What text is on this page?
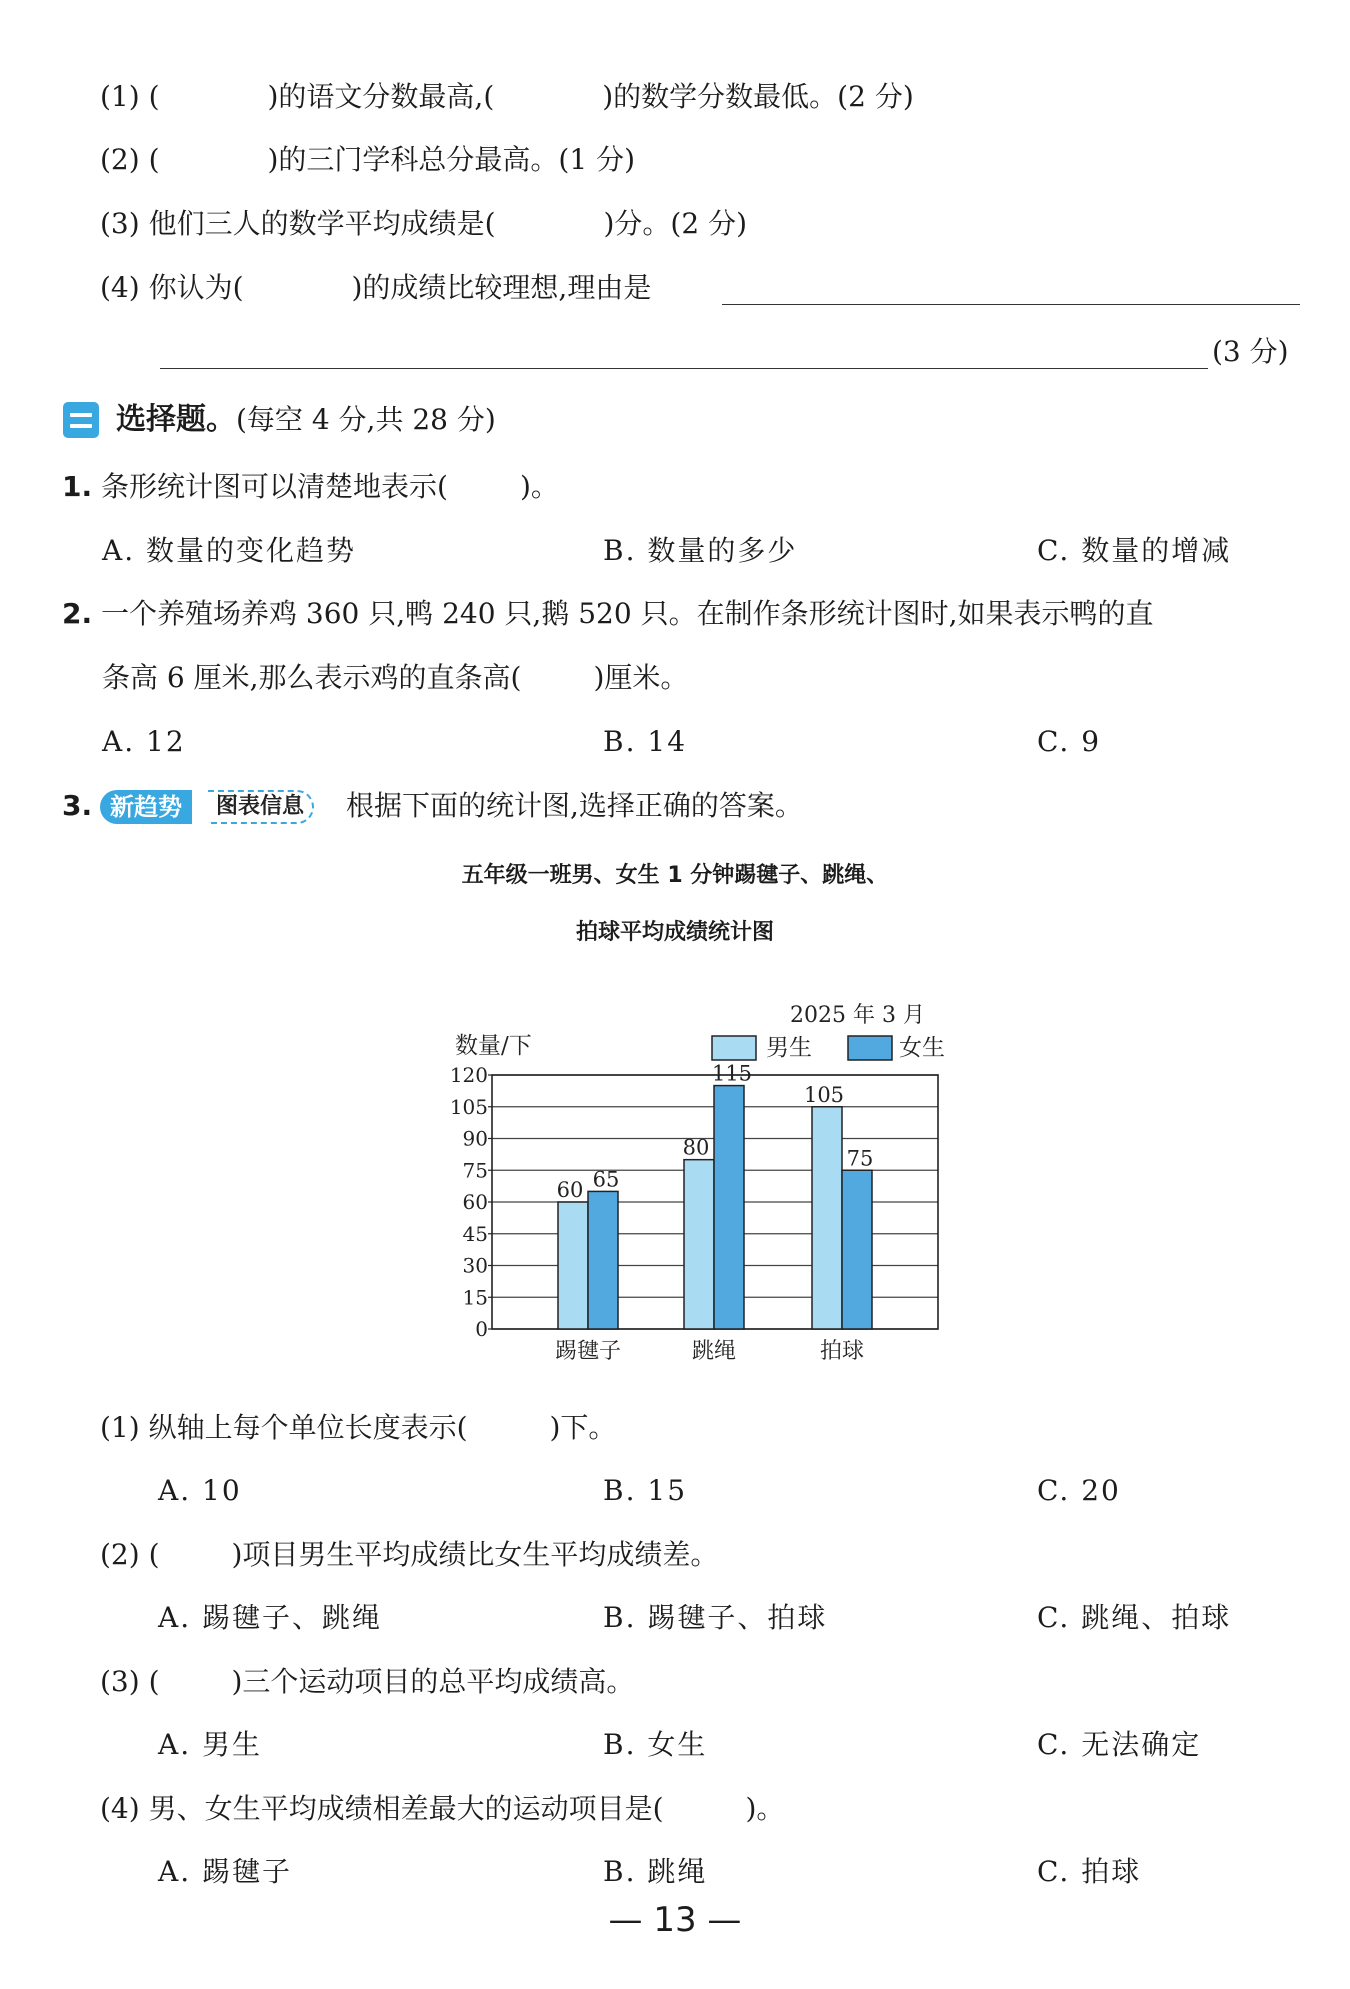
(1) (	)的语文分数最高,(	)的数学分数最低。(2 分)
(2) (	)的三门学科总分最高。(1 分)
(3) 他们三人的数学平均成绩是(	)分。(2 分)
(4) 你认为(	)的成绩比较理想,理由是
(3 分)
选择题。(每空 4 分,共 28 分)
1. 条形统计图可以清楚地表示(	)。
A. 数量的变化趋势	B. 数量的多少	C. 数量的增减
2. 一个养殖场养鸡 360 只,鸭 240 只,鹅 520 只。在制作条形统计图时,如果表示鸭的直
条高 6 厘米,那么表示鸡的直条高(	)厘米。
A. 12	B. 14	C. 9
3. 新趋势	图表信息	根据下面的统计图,选择正确的答案。
五年级一班男、女生 1 分钟踢毽子、跳绳、
拍球平均成绩统计图
2025 年 3 月
数量/下	男生	女生
0
15
30
45
60
75
90
105
120
60 65
80
115
105
75
踢毽子	跳绳	拍球
(1) 纵轴上每个单位长度表示(	)下。
A. 10	B. 15	C. 20
(2) (	)项目男生平均成绩比女生平均成绩差。
A. 踢毽子、跳绳	B. 踢毽子、拍球	C. 跳绳、拍球
(3) (	)三个运动项目的总平均成绩高。
A. 男生	B. 女生	C. 无法确定
(4) 男、女生平均成绩相差最大的运动项目是(	)。
A. 踢毽子	B. 跳绳	C. 拍球
— 13 —
